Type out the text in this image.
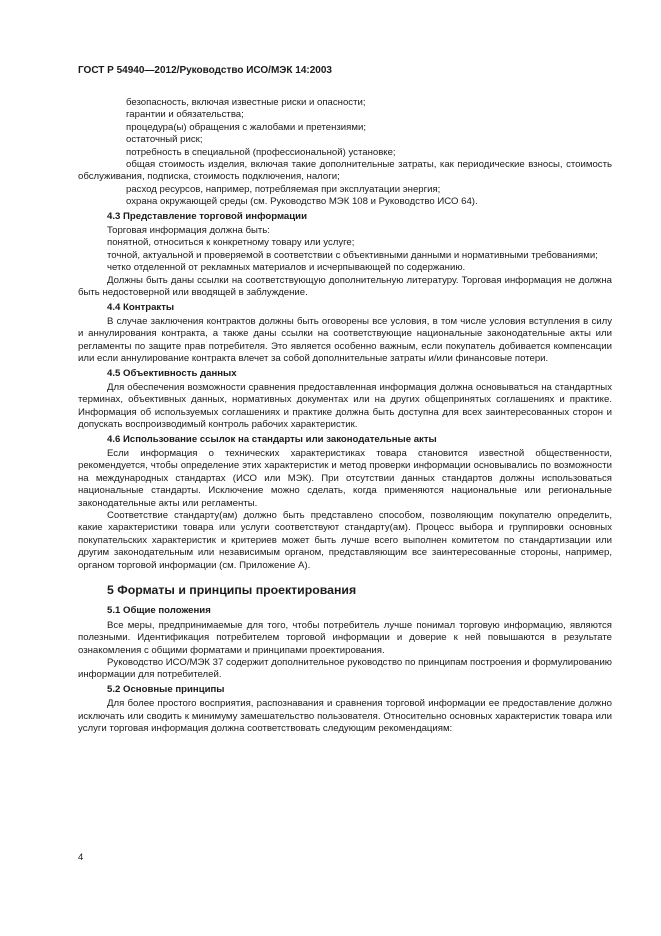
ГОСТ Р 54940—2012/Руководство ИСО/МЭК 14:2003

безопасность, включая известные риски и опасности;

гарантии и обязательства;

процедура(ы) обращения с жалобами и претензиями;

остаточный риск;

потребность в специальной (профессиональной) установке;

общая стоимость изделия, включая такие дополнительные затраты, как периодические взносы, стоимость обслуживания, подписка, стоимость подключения, налоги;

расход ресурсов, например, потребляемая при эксплуатации энергия;

охрана окружающей среды (см. Руководство МЭК 108 и Руководство ИСО 64).

4.3 Представление торговой информации

Торговая информация должна быть:

понятной, относиться к конкретному товару или услуге;

точной, актуальной и проверяемой в соответствии с объективными данными и нормативными требованиями;

четко отделенной от рекламных материалов и исчерпывающей по содержанию.

Должны быть даны ссылки на соответствующую дополнительную литературу. Торговая информация не должна быть недостоверной или вводящей в заблуждение.

4.4 Контракты

В случае заключения контрактов должны быть оговорены все условия, в том числе условия вступления в силу и аннулирования контракта, а также даны ссылки на соответствующие национальные законодательные акты или регламенты по защите прав потребителя. Это является особенно важным, если покупатель добивается компенсации или если аннулирование контракта влечет за собой дополнительные затраты и/или финансовые потери.

4.5 Объективность данных

Для обеспечения возможности сравнения предоставленная информация должна основываться на стандартных терминах, объективных данных, нормативных документах или на других общепринятых соглашениях и практике. Информация об используемых соглашениях и практике должна быть доступна для всех заинтересованных сторон и допускать воспроизводимый контроль рабочих характеристик.

4.6 Использование ссылок на стандарты или законодательные акты

Если информация о технических характеристиках товара становится известной общественности, рекомендуется, чтобы определение этих характеристик и метод проверки информации основывались по возможности на международных стандартах (ИСО или МЭК). При отсутствии данных стандартов должны использоваться национальные стандарты. Исключение можно сделать, когда применяются национальные или региональные законодательные акты или регламенты.

Соответствие стандарту(ам) должно быть представлено способом, позволяющим покупателю определить, какие характеристики товара или услуги соответствуют стандарту(ам). Процесс выбора и группировки основных покупательских характеристик и критериев может быть лучше всего выполнен комитетом по стандартизации или другим законодательным или независимым органом, представляющим все заинтересованные стороны, например, органом торговой информации (см. Приложение А).

5 Форматы и принципы проектирования

5.1 Общие положения

Все меры, предпринимаемые для того, чтобы потребитель лучше понимал торговую информацию, являются полезными. Идентификация потребителем торговой информации и доверие к ней повышаются в результате ознакомления с общими форматами и принципами проектирования.

Руководство ИСО/МЭК 37 содержит дополнительное руководство по принципам построения и формулированию информации для потребителей.

5.2 Основные принципы

Для более простого восприятия, распознавания и сравнения торговой информации ее предоставление должно исключать или сводить к минимуму замешательство пользователя. Относительно основных характеристик товара или услуги торговая информация должна соответствовать следующим рекомендациям:

4
